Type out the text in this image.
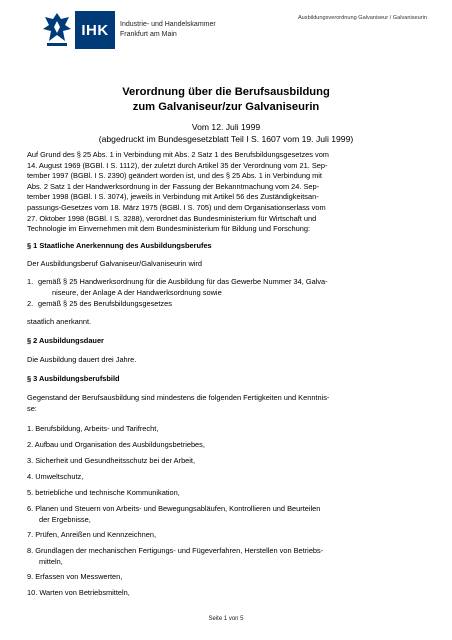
IHK	Industrie- und Handelskammer
Frankfurt am Main
Ausbildungsverordnung Galvaniseur / Galvaniseurin
Verordnung über die Berufsausbildung
zum Galvaniseur/zur Galvaniseurin
Vom 12. Juli 1999
(abgedruckt im Bundesgesetzblatt Teil I S. 1607 vom 19. Juli 1999)
Auf Grund des § 25 Abs. 1 in Verbindung mit Abs. 2 Satz 1 des Berufsbildungsgesetzes vom
14. August 1969 (BGBl. I S. 1112), der zuletzt durch Artikel 35 der Verordnung vom 21. Sep-
tember 1997 (BGBl. I S. 2390) geändert worden ist, und des § 25 Abs. 1 in Verbindung mit
Abs. 2 Satz 1 der Handwerksordnung in der Fassung der Bekanntmachung vom 24. Sep-
tember 1998 (BGBl. I S. 3074), jeweils in Verbindung mit Artikel 56 des Zuständigkeitsan-
passungs-Gesetzes vom 18. März 1975 (BGBl. I S. 705) und dem Organisationserlass vom
27. Oktober 1998 (BGBl. I S. 3288), verordnet das Bundesministerium für Wirtschaft und
Technologie im Einvernehmen mit dem Bundesministerium für Bildung und Forschung:
§ 1 Staatliche Anerkennung des Ausbildungsberufes
Der Ausbildungsberuf Galvaniseur/Galvaniseurin wird
1. gemäß § 25 Handwerksordnung für die Ausbildung für das Gewerbe Nummer 34, Galva-
niseure, der Anlage A der Handwerksordnung sowie
2. gemäß § 25 des Berufsbildungsgesetzes
staatlich anerkannt.
§ 2 Ausbildungsdauer
Die Ausbildung dauert drei Jahre.
§ 3 Ausbildungsberufsbild
Gegenstand der Berufsausbildung sind mindestens die folgenden Fertigkeiten und Kenntnis-
se:
1. Berufsbildung, Arbeits- und Tarifrecht,
2. Aufbau und Organisation des Ausbildungsbetriebes,
3. Sicherheit und Gesundheitsschutz bei der Arbeit,
4. Umweltschutz,
5. betriebliche und technische Kommunikation,
6. Planen und Steuern von Arbeits- und Bewegungsabläufen, Kontrollieren und Beurteilen
der Ergebnisse,
7. Prüfen, Anreißen und Kennzeichnen,
8. Grundlagen der mechanischen Fertigungs- und Fügeverfahren, Herstellen von Betriebs-
mitteln,
9. Erfassen von Messwerten,
10. Warten von Betriebsmitteln,
Seite 1 von 5
